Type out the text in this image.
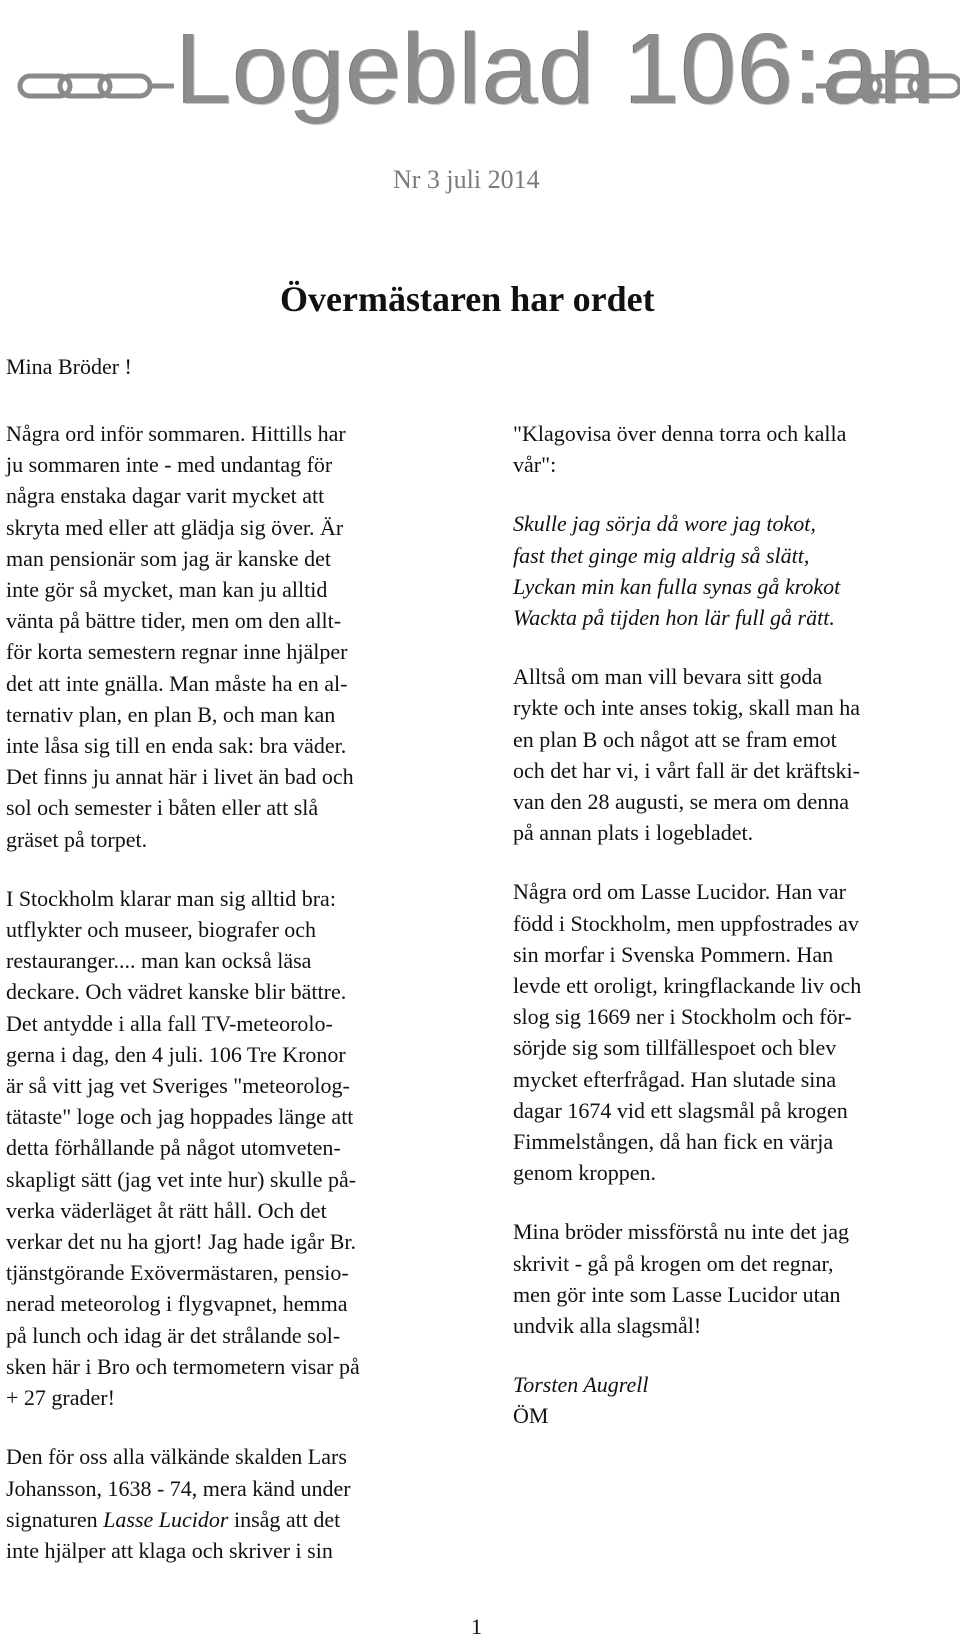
Logeblad 106:an
Nr 3 juli 2014
Övermästaren har ordet
Mina Bröder !

Några ord inför sommaren. Hittills har
ju sommaren inte - med undantag för
några enstaka dagar varit mycket att
skryta med eller att glädja sig över. Är
man pensionär som jag är kanske det
inte gör så mycket, man kan ju alltid
vänta på bättre tider, men om den allt-
för korta semestern regnar inne hjälper
det att inte gnälla. Man måste ha en al-
ternativ plan, en plan B, och man kan
inte låsa sig till en enda sak: bra väder.
Det finns ju annat här i livet än bad och
sol och semester i båten eller att slå
gräset på torpet.

I Stockholm klarar man sig alltid bra:
utflykter och museer, biografer och
restauranger.... man kan också läsa
deckare. Och vädret kanske blir bättre.
Det antydde i alla fall TV-meteorolo-
gerna i dag, den 4 juli. 106 Tre Kronor
är så vitt jag vet Sveriges "meteorolog-
tätaste" loge och jag hoppades länge att
detta förhållande på något utomveten-
skapligt sätt (jag vet inte hur) skulle på-
verka väderläget åt rätt håll. Och det
verkar det nu ha gjort! Jag hade igår Br.
tjänstgörande Exövermästaren, pensio-
nerad meteorolog i flygvapnet, hemma
på lunch och idag är det strålande sol-
sken här i Bro och termometern visar på
+ 27 grader!

Den för oss alla välkände skalden Lars
Johansson, 1638 - 74, mera känd under
signaturen Lasse Lucidor insåg att det
inte hjälper att klaga och skriver i sin

"Klagovisa över denna torra och kalla
vår":

Skulle jag sörja då wore jag tokot,
fast thet ginge mig aldrig så slätt,
Lyckan min kan fulla synas gå krokot
Wackta på tijden hon lär full gå rätt.

Alltså om man vill bevara sitt goda
rykte och inte anses tokig, skall man ha
en plan B och något att se fram emot
och det har vi, i vårt fall är det kräftski-
van den 28 augusti, se mera om denna
på annan plats i logebladet.

Några ord om Lasse Lucidor. Han var
född i Stockholm, men uppfostrades av
sin morfar i Svenska Pommern. Han
levde ett oroligt, kringflackande liv och
slog sig 1669 ner i Stockholm och för-
sörjde sig som tillfällespoet och blev
mycket efterfrågad. Han slutade sina
dagar 1674 vid ett slagsmål på krogen
Fimmelstången, då han fick en värja
genom kroppen.

Mina bröder missförstå nu inte det jag
skrivit - gå på krogen om det regnar,
men gör inte som Lasse Lucidor utan
undvik alla slagsmål!

Torsten Augrell
ÖM

1
